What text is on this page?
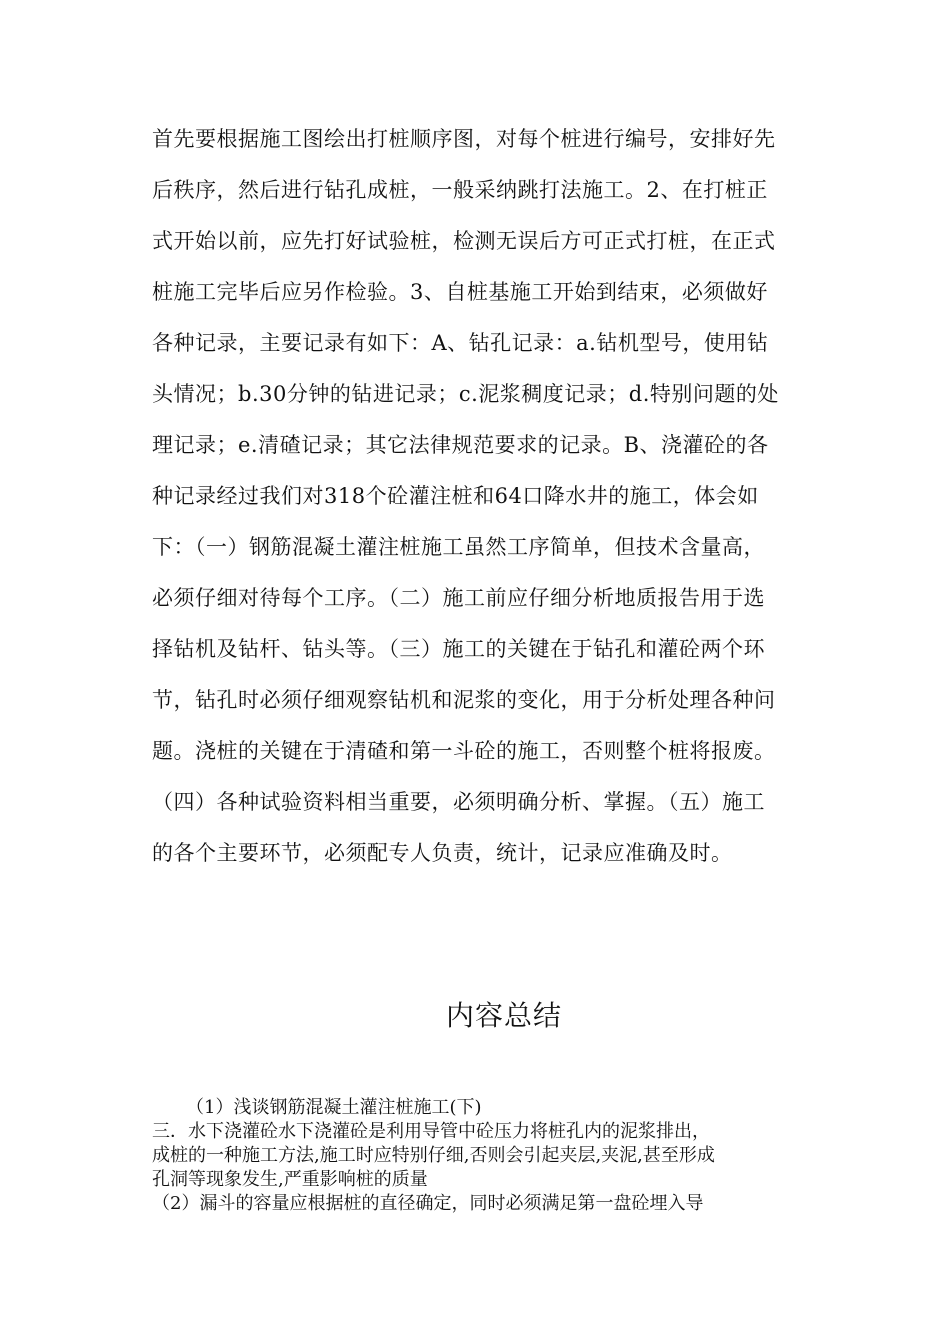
首先要根据施工图绘出打桩顺序图，对每个桩进行编号，安排好先
后秩序，然后进行钻孔成桩，一般采纳跳打法施工。2、在打桩正
式开始以前，应先打好试验桩，检测无误后方可正式打桩，在正式
桩施工完毕后应另作检验。3、自桩基施工开始到结束，必须做好
各种记录，主要记录有如下：A、钻孔记录：a.钻机型号，使用钻
头情况；b.30分钟的钻进记录；c.泥浆稠度记录；d.特别问题的处
理记录；e.清碴记录；其它法律规范要求的记录。B、浇灌砼的各
种记录经过我们对318个砼灌注桩和64口降水井的施工，体会如
下：（一）钢筋混凝土灌注桩施工虽然工序简单，但技术含量高，
必须仔细对待每个工序。（二）施工前应仔细分析地质报告用于选
择钻机及钻杆、钻头等。（三）施工的关键在于钻孔和灌砼两个环
节，钻孔时必须仔细观察钻机和泥浆的变化，用于分析处理各种问
题。浇桩的关键在于清碴和第一斗砼的施工，否则整个桩将报废。
（四）各种试验资料相当重要，必须明确分析、掌握。（五）施工
的各个主要环节，必须配专人负责，统计，记录应准确及时。
内容总结
（1）浅谈钢筋混凝土灌注桩施工(下)
三．水下浇灌砼水下浇灌砼是利用导管中砼压力将桩孔内的泥浆排出，
成桩的一种施工方法,施工时应特别仔细,否则会引起夹层,夹泥,甚至形成
孔洞等现象发生,严重影响桩的质量
（2）漏斗的容量应根据桩的直径确定，同时必须满足第一盘砼埋入导
